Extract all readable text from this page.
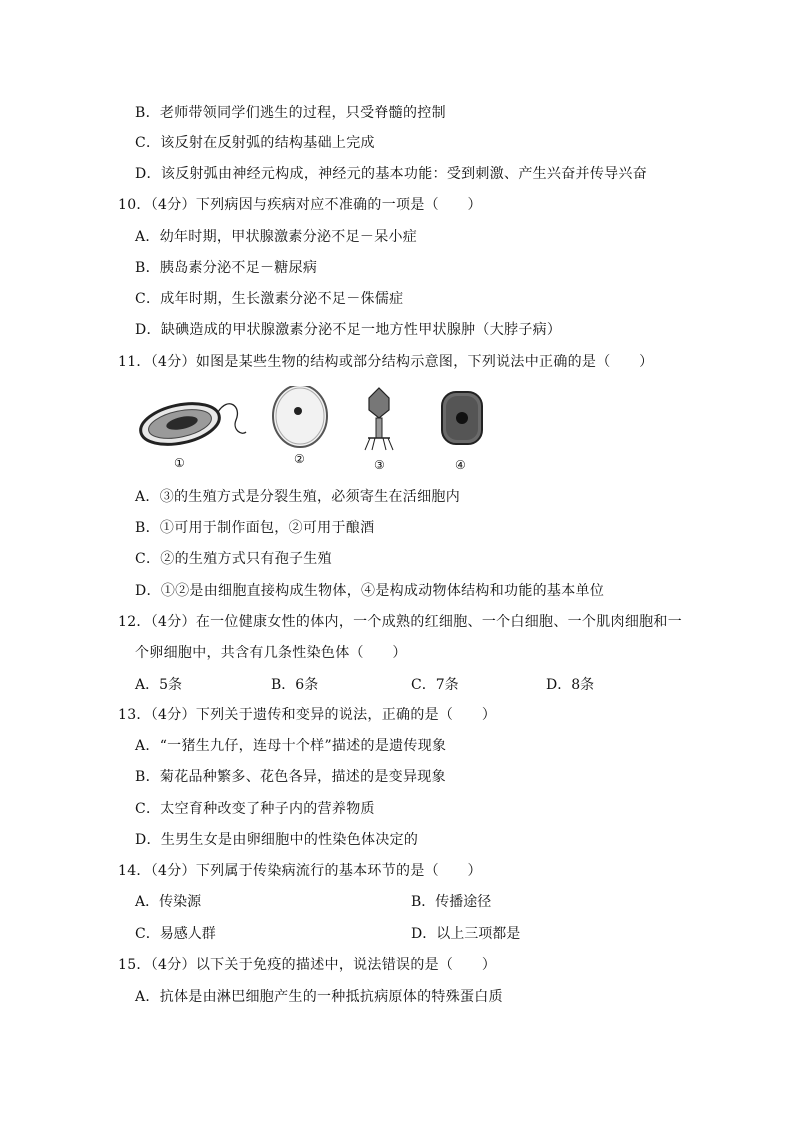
B．老师带领同学们逃生的过程，只受脊髓的控制
C．该反射在反射弧的结构基础上完成
D．该反射弧由神经元构成，神经元的基本功能：受到刺激、产生兴奋并传导兴奋
10．（4分）下列病因与疾病对应不准确的一项是（　　）
A．幼年时期，甲状腺激素分泌不足－呆小症
B．胰岛素分泌不足－糖尿病
C．成年时期，生长激素分泌不足－侏儒症
D．缺碘造成的甲状腺激素分泌不足一地方性甲状腺肿（大脖子病）
11．（4分）如图是某些生物的结构或部分结构示意图，下列说法中正确的是（　　）
①	②	③	④
A．③的生殖方式是分裂生殖，必须寄生在活细胞内
B．①可用于制作面包，②可用于酿酒
C．②的生殖方式只有孢子生殖
D．①②是由细胞直接构成生物体，④是构成动物体结构和功能的基本单位
12．（4分）在一位健康女性的体内，一个成熟的红细胞、一个白细胞、一个肌肉细胞和一
个卵细胞中，共含有几条性染色体（　　）
A．5条	B．6条	C．7条	D．8条
13．（4分）下列关于遗传和变异的说法，正确的是（　　）
A．“一猪生九仔，连母十个样”描述的是遗传现象
B．菊花品种繁多、花色各异，描述的是变异现象
C．太空育种改变了种子内的营养物质
D．生男生女是由卵细胞中的性染色体决定的
14．（4分）下列属于传染病流行的基本环节的是（　　）
A．传染源	B．传播途径
C．易感人群	D．以上三项都是
15．（4分）以下关于免疫的描述中，说法错误的是（　　）
A．抗体是由淋巴细胞产生的一种抵抗病原体的特殊蛋白质
